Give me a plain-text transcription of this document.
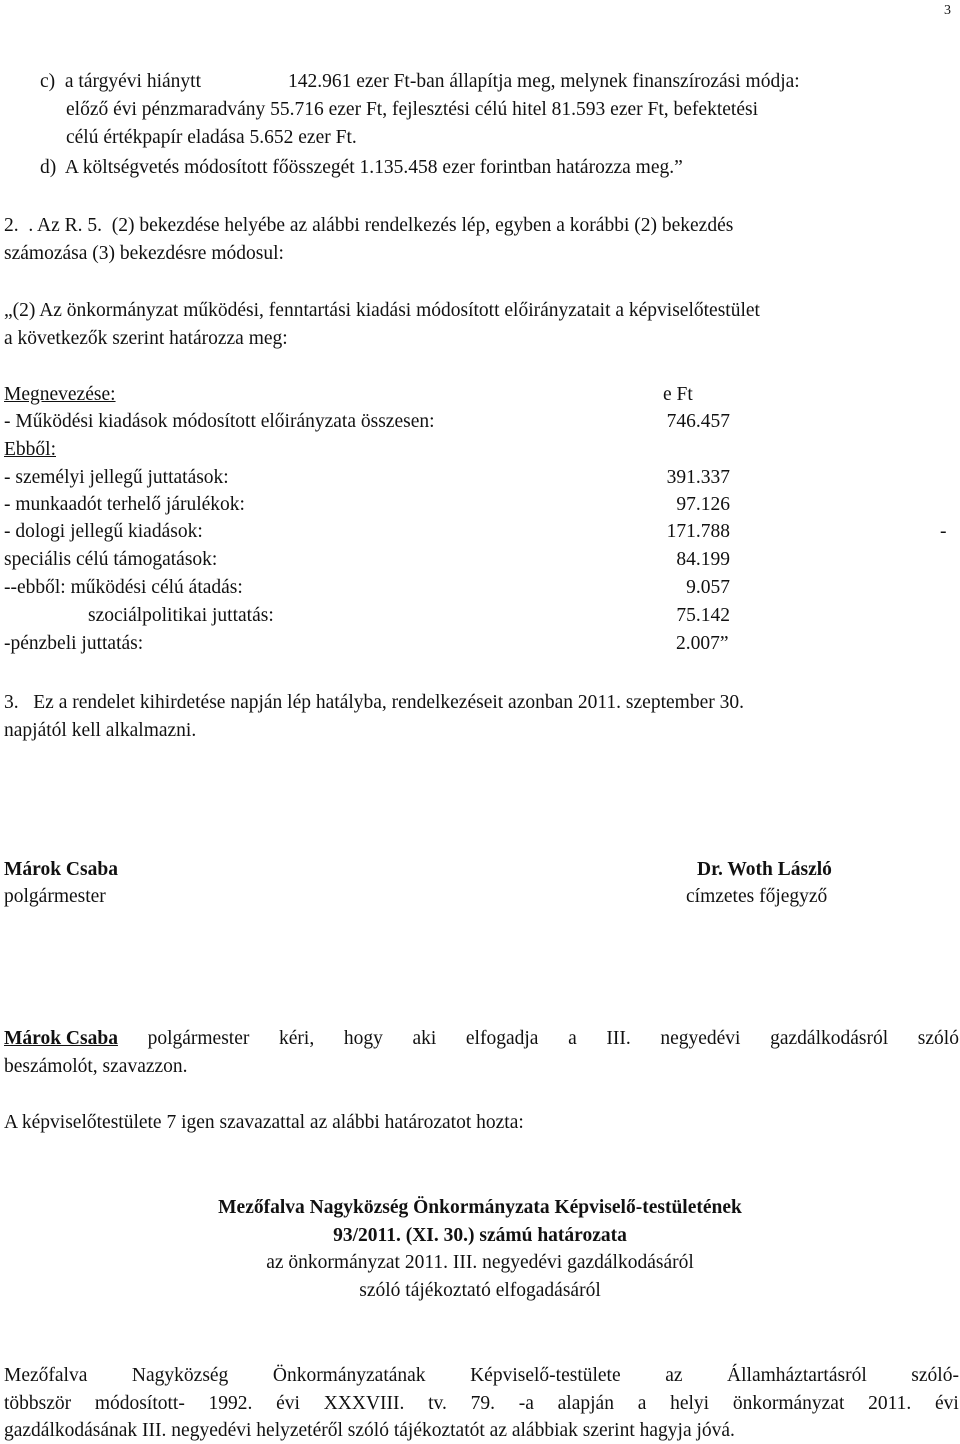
3
c)  a tárgyévi hiánytt	142.961 ezer Ft-ban állapítja meg, melynek finanszírozási módja:
előző évi pénzmaradvány 55.716 ezer Ft, fejlesztési célú hitel 81.593 ezer Ft, befektetési
célú értékpapír eladása 5.652 ezer Ft.
d)  A költségvetés módosított főösszegét 1.135.458 ezer forintban határozza meg.”
2.  . Az R. 5.  (2) bekezdése helyébe az alábbi rendelkezés lép, egyben a korábbi (2) bekezdés
számozása (3) bekezdésre módosul:
„(2) Az önkormányzat működési, fenntartási kiadási módosított előirányzatait a képviselőtestület
a következők szerint határozza meg:
Megnevezése:	e Ft
- Működési kiadások módosított előirányzata összesen:	746.457
Ebből:
- személyi jellegű juttatások:	391.337
- munkaadót terhelő járulékok:	97.126
- dologi jellegű kiadások:	171.788	-
speciális célú támogatások:	84.199
--ebből: működési célú átadás:	9.057
szociálpolitikai juttatás:	75.142
-pénzbeli juttatás:	2.007”
3.   Ez a rendelet kihirdetése napján lép hatályba, rendelkezéseit azonban 2011. szeptember 30.
napjától kell alkalmazni.
Márok Csaba
polgármester
Dr. Woth László
címzetes főjegyző
Márok Csaba polgármester kéri, hogy aki elfogadja a III. negyedévi gazdálkodásról szóló
beszámolót, szavazzon.
A képviselőtestülete 7 igen szavazattal az alábbi határozatot hozta:
Mezőfalva Nagyközség Önkormányzata Képviselő-testületének
93/2011. (XI. 30.) számú határozata
az önkormányzat 2011. III. negyedévi gazdálkodásáról
szóló tájékoztató elfogadásáról
Mezőfalva Nagyközség Önkormányzatának Képviselő-testülete az Államháztartásról szóló-
többször módosított- 1992. évi XXXVIII. tv. 79. -a alapján a helyi önkormányzat 2011. évi
gazdálkodásának III. negyedévi helyzetéről szóló tájékoztatót az alábbiak szerint hagyja jóvá.
